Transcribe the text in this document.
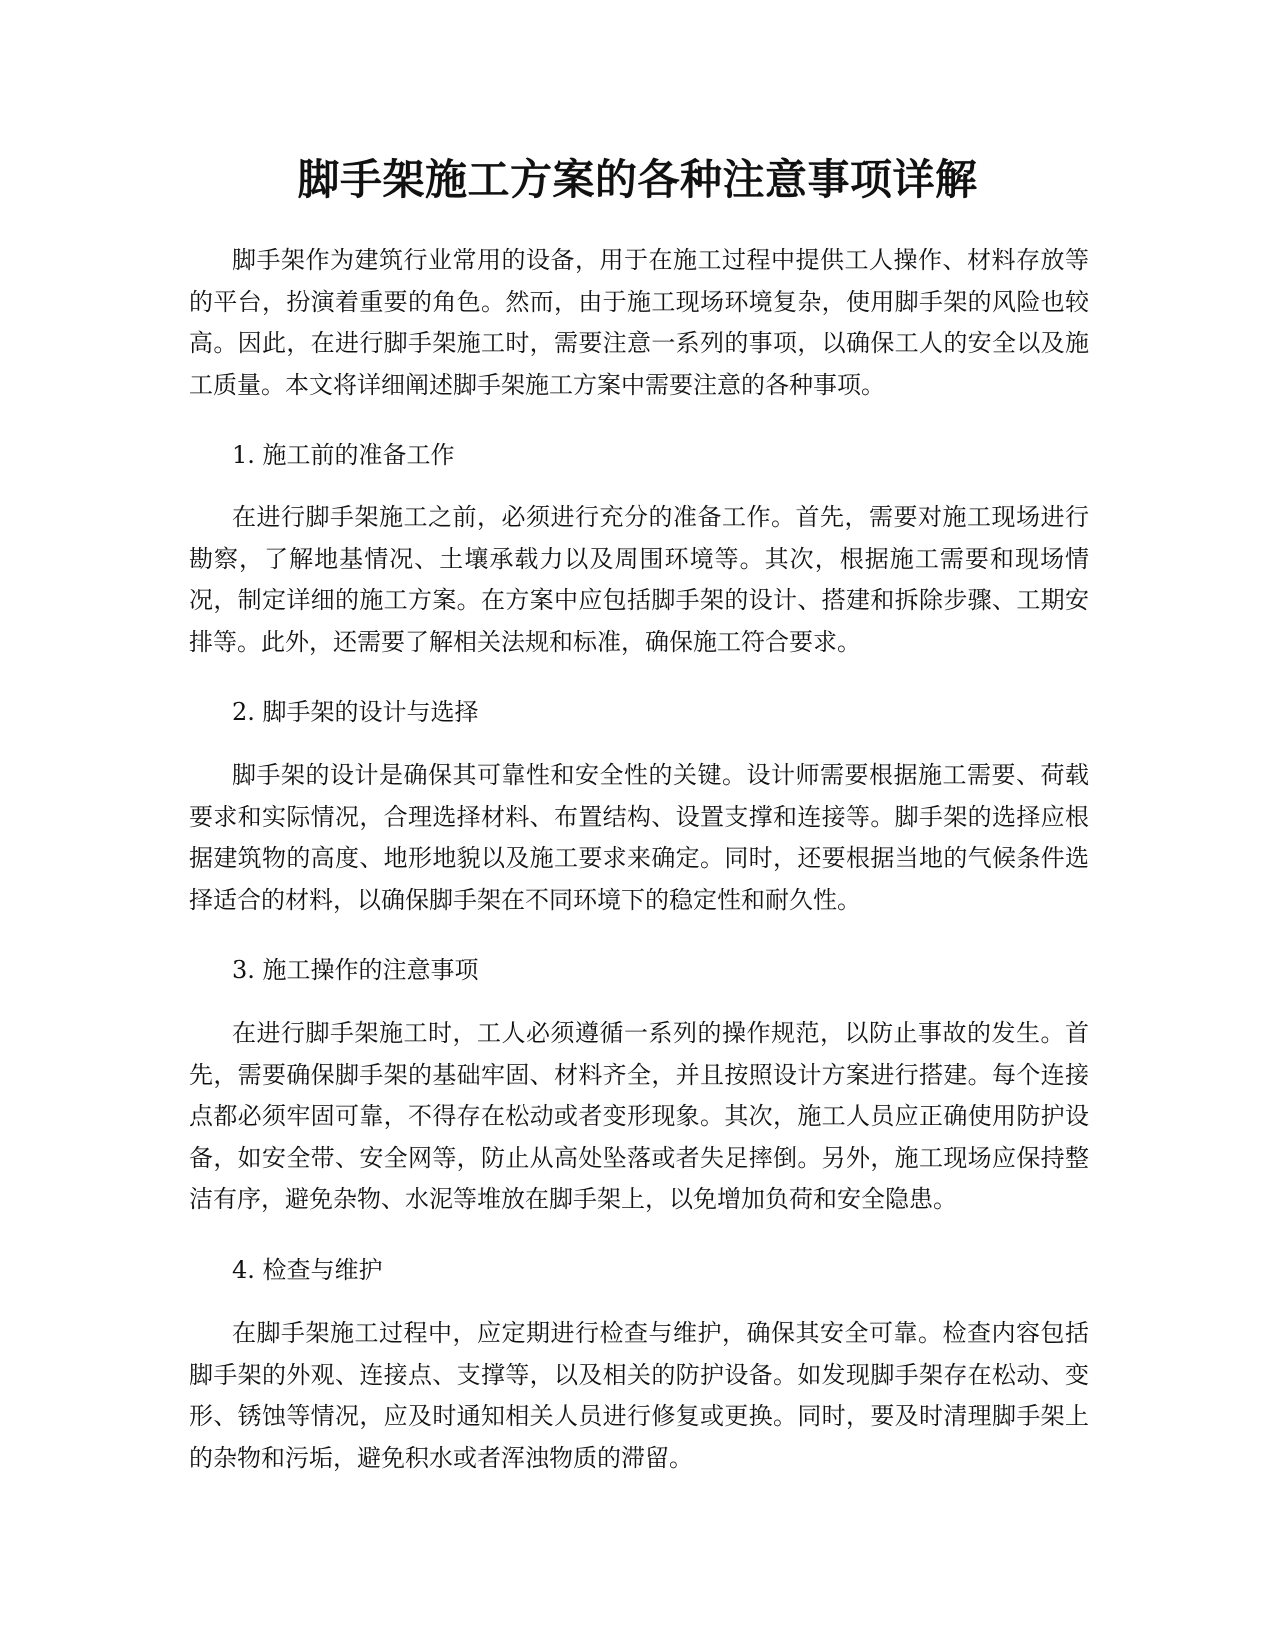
脚手架施工方案的各种注意事项详解

脚手架作为建筑行业常用的设备，用于在施工过程中提供工人操作、材料存放等的平台，扮演着重要的角色。然而，由于施工现场环境复杂，使用脚手架的风险也较高。因此，在进行脚手架施工时，需要注意一系列的事项，以确保工人的安全以及施工质量。本文将详细阐述脚手架施工方案中需要注意的各种事项。

1. 施工前的准备工作

在进行脚手架施工之前，必须进行充分的准备工作。首先，需要对施工现场进行勘察，了解地基情况、土壤承载力以及周围环境等。其次，根据施工需要和现场情况，制定详细的施工方案。在方案中应包括脚手架的设计、搭建和拆除步骤、工期安排等。此外，还需要了解相关法规和标准，确保施工符合要求。

2. 脚手架的设计与选择

脚手架的设计是确保其可靠性和安全性的关键。设计师需要根据施工需要、荷载要求和实际情况，合理选择材料、布置结构、设置支撑和连接等。脚手架的选择应根据建筑物的高度、地形地貌以及施工要求来确定。同时，还要根据当地的气候条件选择适合的材料，以确保脚手架在不同环境下的稳定性和耐久性。

3. 施工操作的注意事项

在进行脚手架施工时，工人必须遵循一系列的操作规范，以防止事故的发生。首先，需要确保脚手架的基础牢固、材料齐全，并且按照设计方案进行搭建。每个连接点都必须牢固可靠，不得存在松动或者变形现象。其次，施工人员应正确使用防护设备，如安全带、安全网等，防止从高处坠落或者失足摔倒。另外，施工现场应保持整洁有序，避免杂物、水泥等堆放在脚手架上，以免增加负荷和安全隐患。

4. 检查与维护

在脚手架施工过程中，应定期进行检查与维护，确保其安全可靠。检查内容包括脚手架的外观、连接点、支撑等，以及相关的防护设备。如发现脚手架存在松动、变形、锈蚀等情况，应及时通知相关人员进行修复或更换。同时，要及时清理脚手架上的杂物和污垢，避免积水或者浑浊物质的滞留。
